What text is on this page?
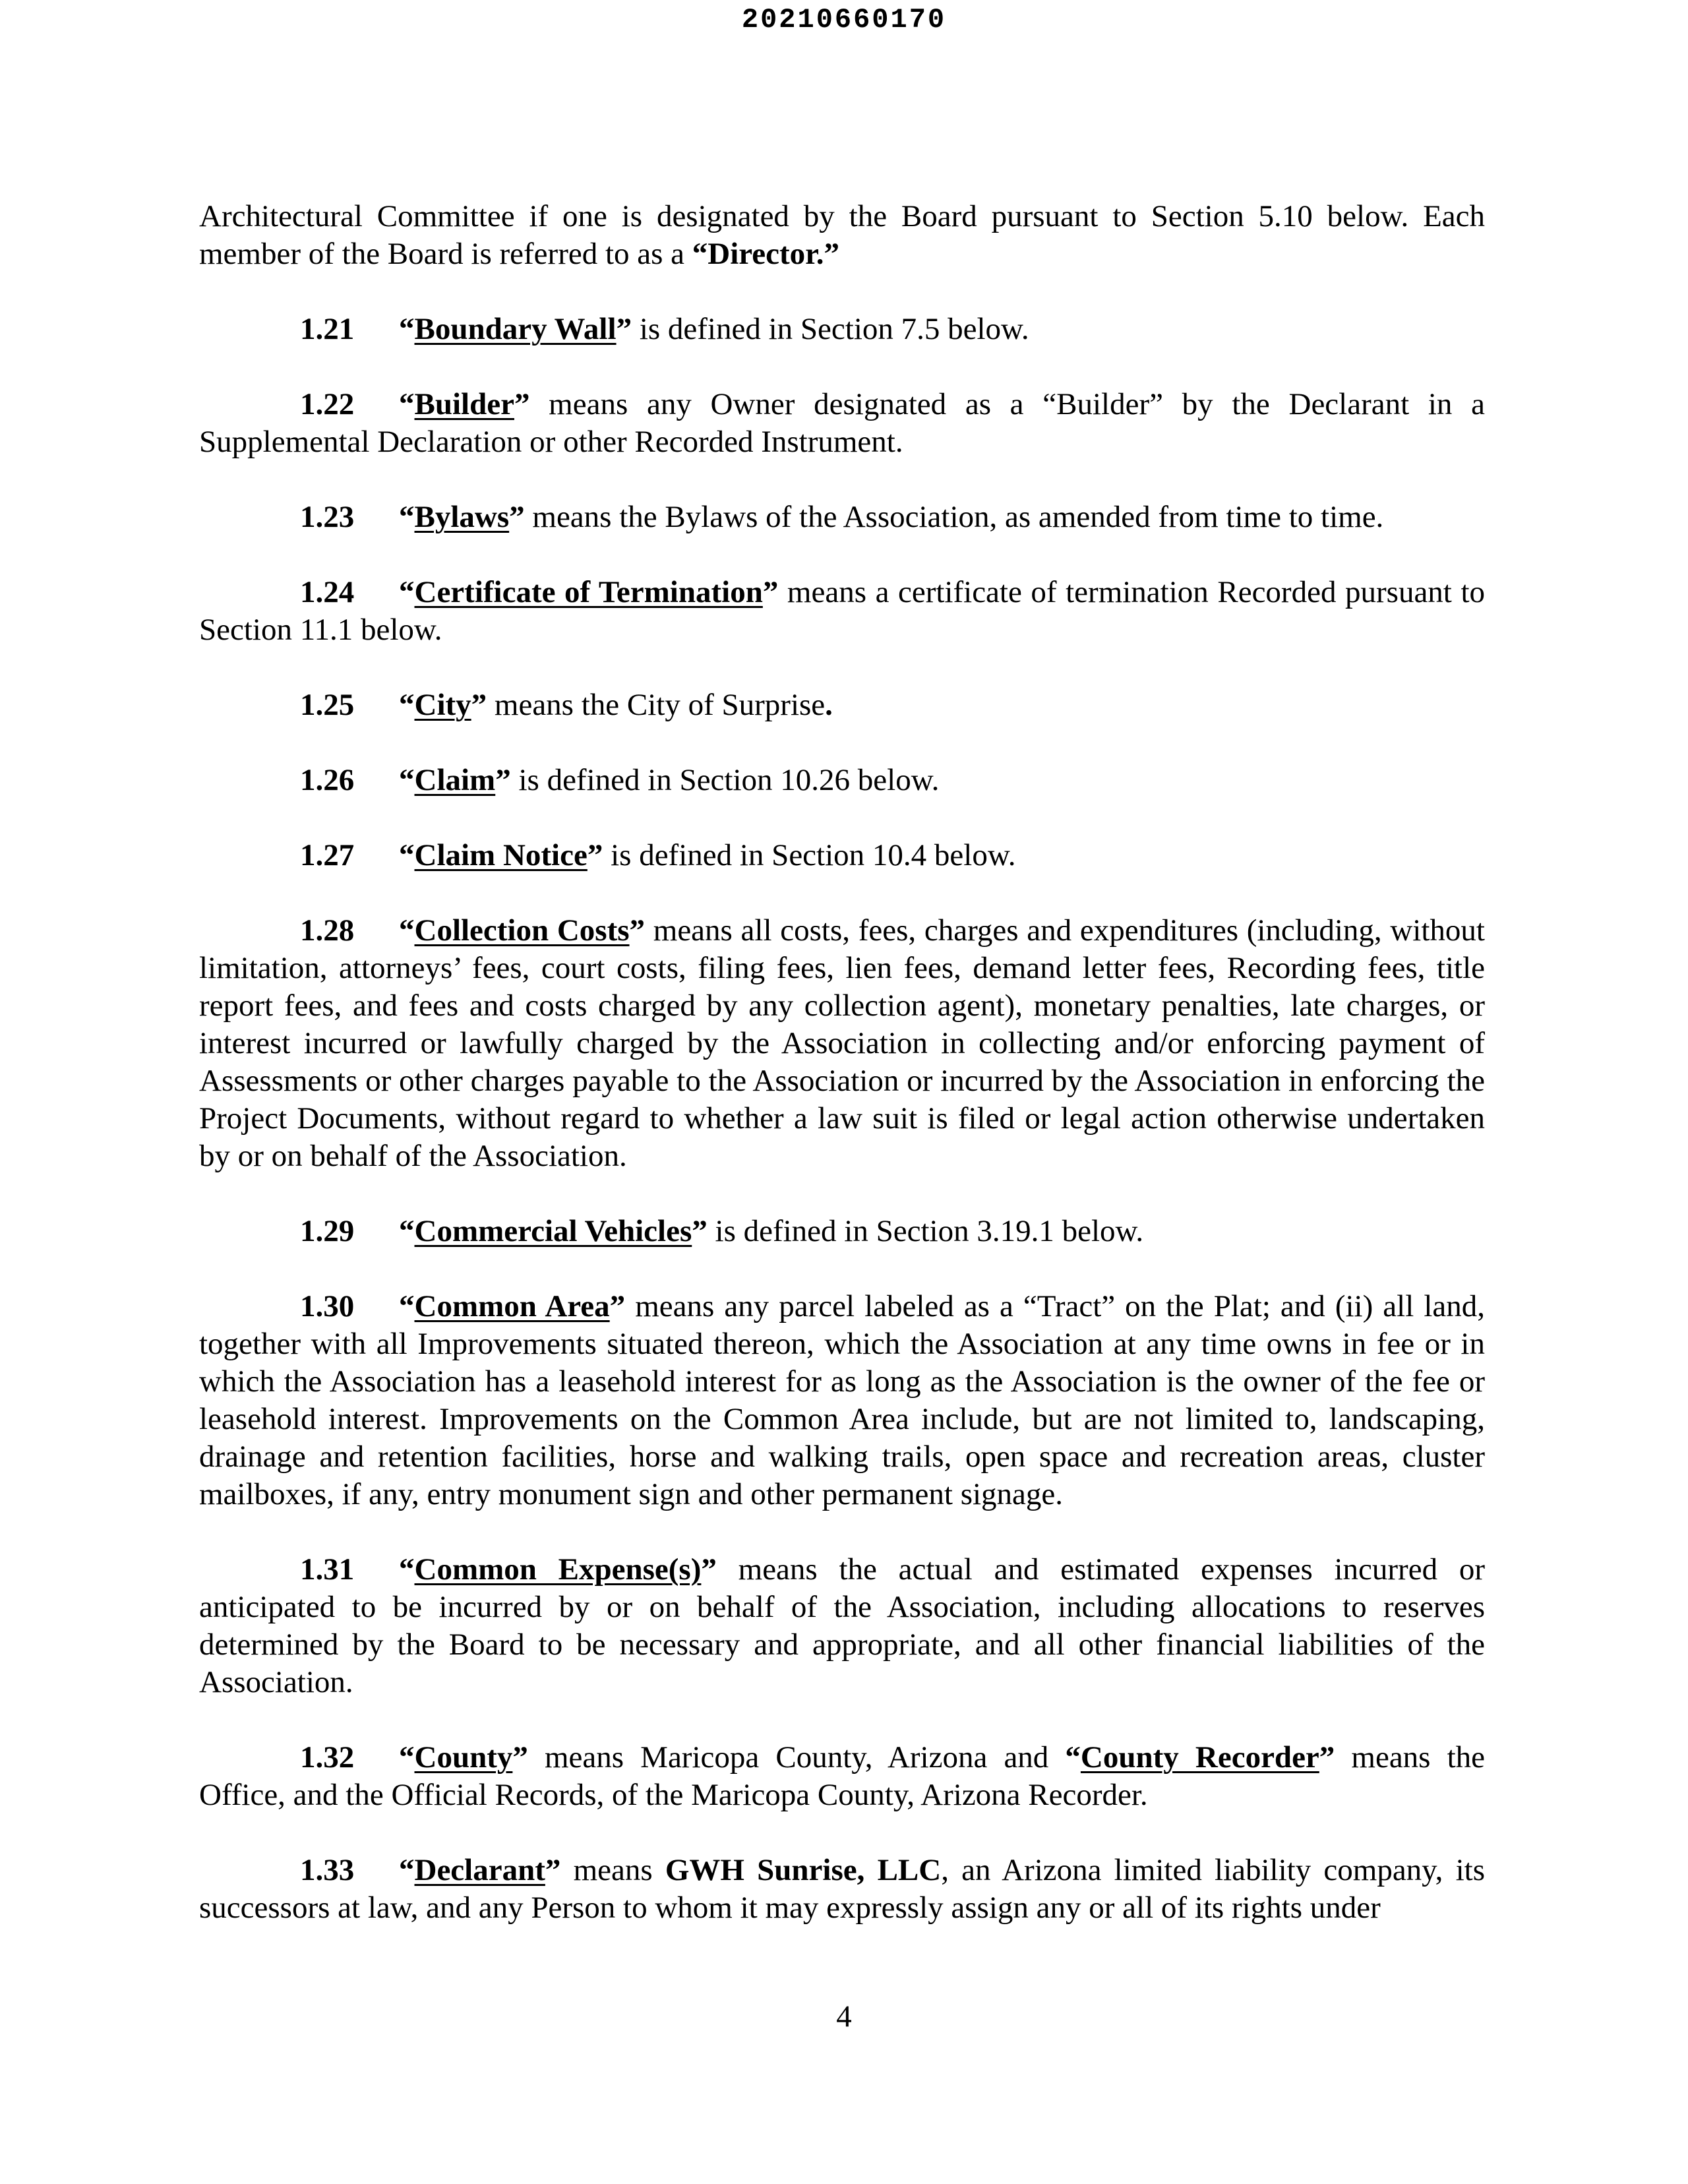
20210660170

Architectural Committee if one is designated by the Board pursuant to Section 5.10 below. Each member of the Board is referred to as a “Director.”

1.21 “Boundary Wall” is defined in Section 7.5 below.

1.22 “Builder” means any Owner designated as a “Builder” by the Declarant in a Supplemental Declaration or other Recorded Instrument.

1.23 “Bylaws” means the Bylaws of the Association, as amended from time to time.

1.24 “Certificate of Termination” means a certificate of termination Recorded pursuant to Section 11.1 below.

1.25 “City” means the City of Surprise.

1.26 “Claim” is defined in Section 10.26 below.

1.27 “Claim Notice” is defined in Section 10.4 below.

1.28 “Collection Costs” means all costs, fees, charges and expenditures (including, without limitation, attorneys’ fees, court costs, filing fees, lien fees, demand letter fees, Recording fees, title report fees, and fees and costs charged by any collection agent), monetary penalties, late charges, or interest incurred or lawfully charged by the Association in collecting and/or enforcing payment of Assessments or other charges payable to the Association or incurred by the Association in enforcing the Project Documents, without regard to whether a law suit is filed or legal action otherwise undertaken by or on behalf of the Association.

1.29 “Commercial Vehicles” is defined in Section 3.19.1 below.

1.30 “Common Area” means any parcel labeled as a “Tract” on the Plat; and (ii) all land, together with all Improvements situated thereon, which the Association at any time owns in fee or in which the Association has a leasehold interest for as long as the Association is the owner of the fee or leasehold interest. Improvements on the Common Area include, but are not limited to, landscaping, drainage and retention facilities, horse and walking trails, open space and recreation areas, cluster mailboxes, if any, entry monument sign and other permanent signage.

1.31 “Common Expense(s)” means the actual and estimated expenses incurred or anticipated to be incurred by or on behalf of the Association, including allocations to reserves determined by the Board to be necessary and appropriate, and all other financial liabilities of the Association.

1.32 “County” means Maricopa County, Arizona and “County Recorder” means the Office, and the Official Records, of the Maricopa County, Arizona Recorder.

1.33 “Declarant” means GWH Sunrise, LLC, an Arizona limited liability company, its successors at law, and any Person to whom it may expressly assign any or all of its rights under

4
